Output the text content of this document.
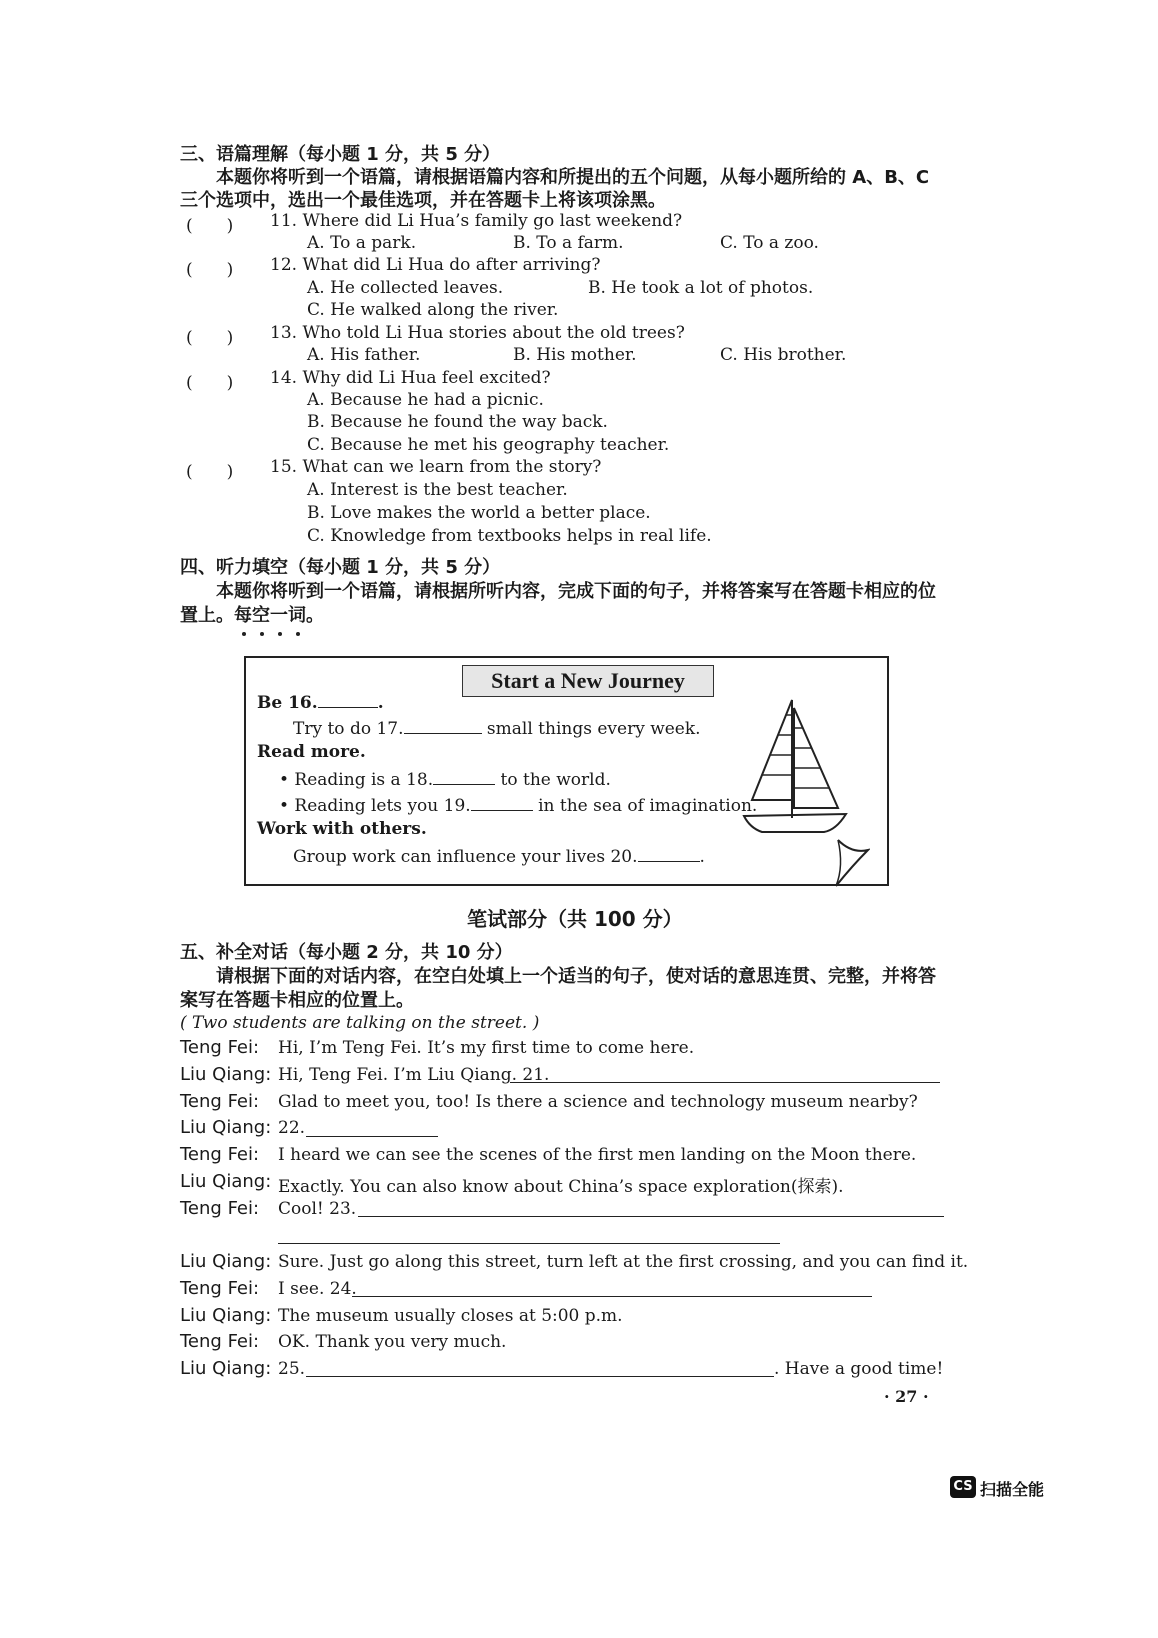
三、语篇理解（每小题 1 分，共 5 分）
本题你将听到一个语篇，请根据语篇内容和所提出的五个问题，从每小题所给的 A、B、C
三个选项中，选出一个最佳选项，并在答题卡上将该项涂黑。
(　　) 11. Where did Li Hua’s family go last weekend?
A. To a park.	B. To a farm.	C. To a zoo.
(　　) 12. What did Li Hua do after arriving?
A. He collected leaves.	B. He took a lot of photos.
C. He walked along the river.
(　　) 13. Who told Li Hua stories about the old trees?
A. His father.	B. His mother.	C. His brother.
(　　) 14. Why did Li Hua feel excited?
A. Because he had a picnic.
B. Because he found the way back.
C. Because he met his geography teacher.
(　　) 15. What can we learn from the story?
A. Interest is the best teacher.
B. Love makes the world a better place.
C. Knowledge from textbooks helps in real life.
四、听力填空（每小题 1 分，共 5 分）
本题你将听到一个语篇，请根据所听内容，完成下面的句子，并将答案写在答题卡相应的位
置上。每空一词
。
Start a New Journey
Be 16.	.
Try to do 17.	small things every week.
Read more.
• Reading is a 18.	to the world.
• Reading lets you 19.	in the sea of imagination.
Work with others.
Group work can influence your lives 20.	.
笔试部分（共 100 分）
五、补全对话（每小题 2 分，共 10 分）
请根据下面的对话内容，在空白处填上一个适当的句子，使对话的意思连贯、完整，并将答
案写在答题卡相应的位置上。
( Two students are talking on the street. )
Teng Fei: Hi, I’m Teng Fei. It’s my first time to come here.
Liu Qiang: Hi, Teng Fei. I’m Liu Qiang. 21.
Teng Fei: Glad to meet you, too! Is there a science and technology museum nearby?
Liu Qiang: 22.
Teng Fei: I heard we can see the scenes of the first men landing on the Moon there.
Liu Qiang: Exactly. You can also know about China’s space exploration(探索).
Teng Fei: Cool! 23.
Liu Qiang: Sure. Just go along this street, turn left at the first crossing, and you can find it.
Teng Fei: I see. 24.
Liu Qiang: The museum usually closes at 5:00 p.m.
Teng Fei: OK. Thank you very much.
Liu Qiang: 25.	. Have a good time!
· 27 ·
CS 扫描全能
